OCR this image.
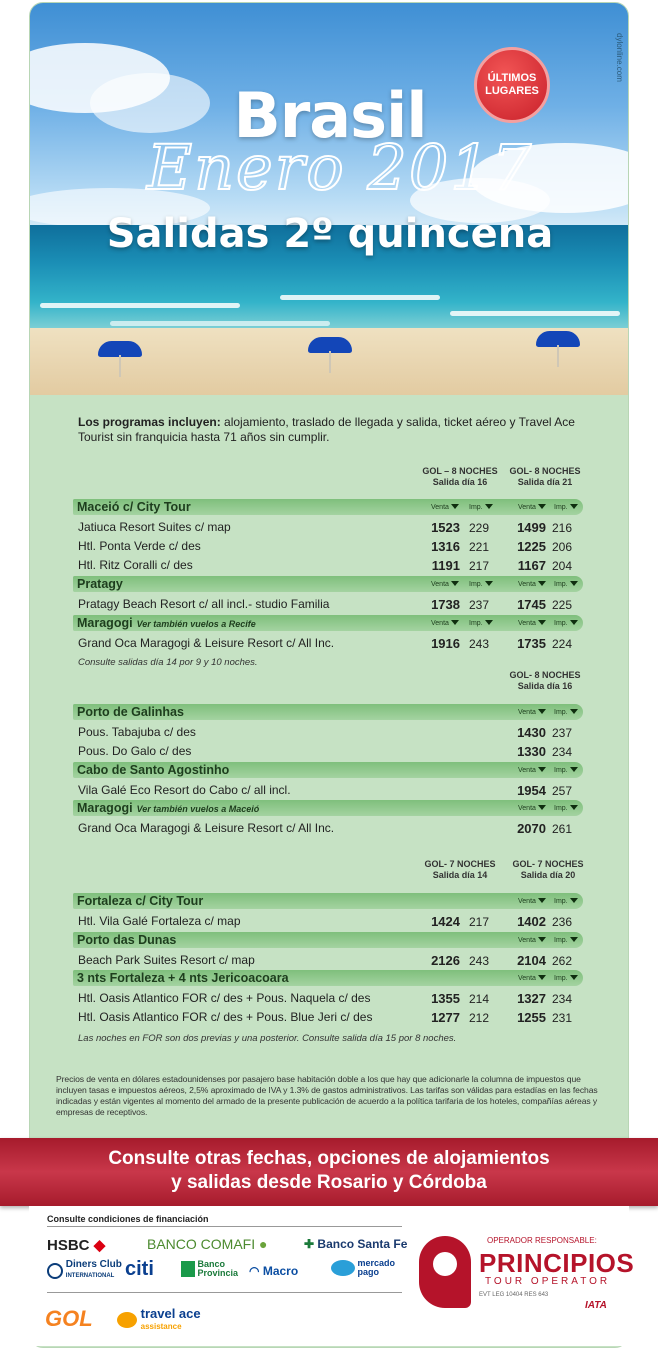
dylonline.com
ÚLTIMOS
LUGARES
Brasil
Enero 2017
Salidas 2º quincena
Los programas incluyen: alojamiento, traslado de llegada y salida, ticket aéreo y Travel Ace Tourist sin franquicia hasta 71 años sin cumplir.
GOL – 8 NOCHES
Salida día 16
GOL- 8 NOCHES
Salida día 21
Maceió c/ City Tour	Venta	Imp.	Venta	Imp.
Jatiuca Resort Suites c/ map	1523 229	1499 216
Htl. Ponta Verde c/ des	1316 221	1225 206
Htl. Ritz Coralli c/ des	1191 217	1167 204
Pratagy	Venta	Imp.	Venta	Imp.
Pratagy Beach Resort c/ all incl.- studio Familia	1738 237	1745 225
Maragogi Ver también vuelos a Recife	Venta	Imp.	Venta	Imp.
Grand Oca Maragogi & Leisure Resort c/ All Inc.	1916 243	1735 224
Consulte salidas día 14 por 9 y 10 noches.
GOL- 8 NOCHES
Salida día 16
Porto de Galinhas	Venta	Imp.
Pous. Tabajuba c/ des	1430 237
Pous. Do Galo c/ des	1330 234
Cabo de Santo Agostinho	Venta	Imp.
Vila Galé Eco Resort do Cabo c/ all incl.	1954 257
Maragogi Ver también vuelos a Maceió	Venta	Imp.
Grand Oca Maragogi & Leisure Resort c/ All Inc.	2070 261
GOL- 7 NOCHES
Salida día 14
GOL- 7 NOCHES
Salida día 20
Fortaleza c/ City Tour	Venta	Imp.
Htl. Vila Galé Fortaleza c/ map	1424 217	1402 236
Porto das Dunas	Venta	Imp.
Beach Park Suites Resort c/ map	2126 243	2104 262
3 nts Fortaleza + 4 nts Jericoacoara	Venta	Imp.
Htl. Oasis Atlantico FOR c/ des + Pous. Naquela c/ des	1355 214	1327 234
Htl. Oasis Atlantico FOR c/ des + Pous. Blue Jeri c/ des	1277 212	1255 231
Las noches en FOR son dos previas y una posterior. Consulte salida día 15 por 8 noches.
Precios de venta en dólares estadounidenses por pasajero base habitación doble a los que hay que adicionarle la columna de impuestos que incluyen tasas e impuestos aéreos, 2,5% aproximado de IVA y 1.3% de gastos administrativos. Las tarifas son válidas para estadías en las fechas indicadas y están vigentes al momento del armado de la presente publicación de acuerdo a la política tarifaria de los hoteles, compañías aéreas y empresas de receptivos.
Consulte otras fechas, opciones de alojamientos
y salidas desde Rosario y Córdoba
Consulte condiciones de financiación
HSBC ◆	BANCO COMAFI ●	✚ Banco Santa Fe
Diners Club
INTERNATIONAL citi	Banco
Provincia ◠ Macro
mercado
pago
GOL	travel ace
assistance
OPERADOR RESPONSABLE:
PRINCIPIOS
TOUR OPERATOR
EVT LEG 10404 RES 643
IATA
